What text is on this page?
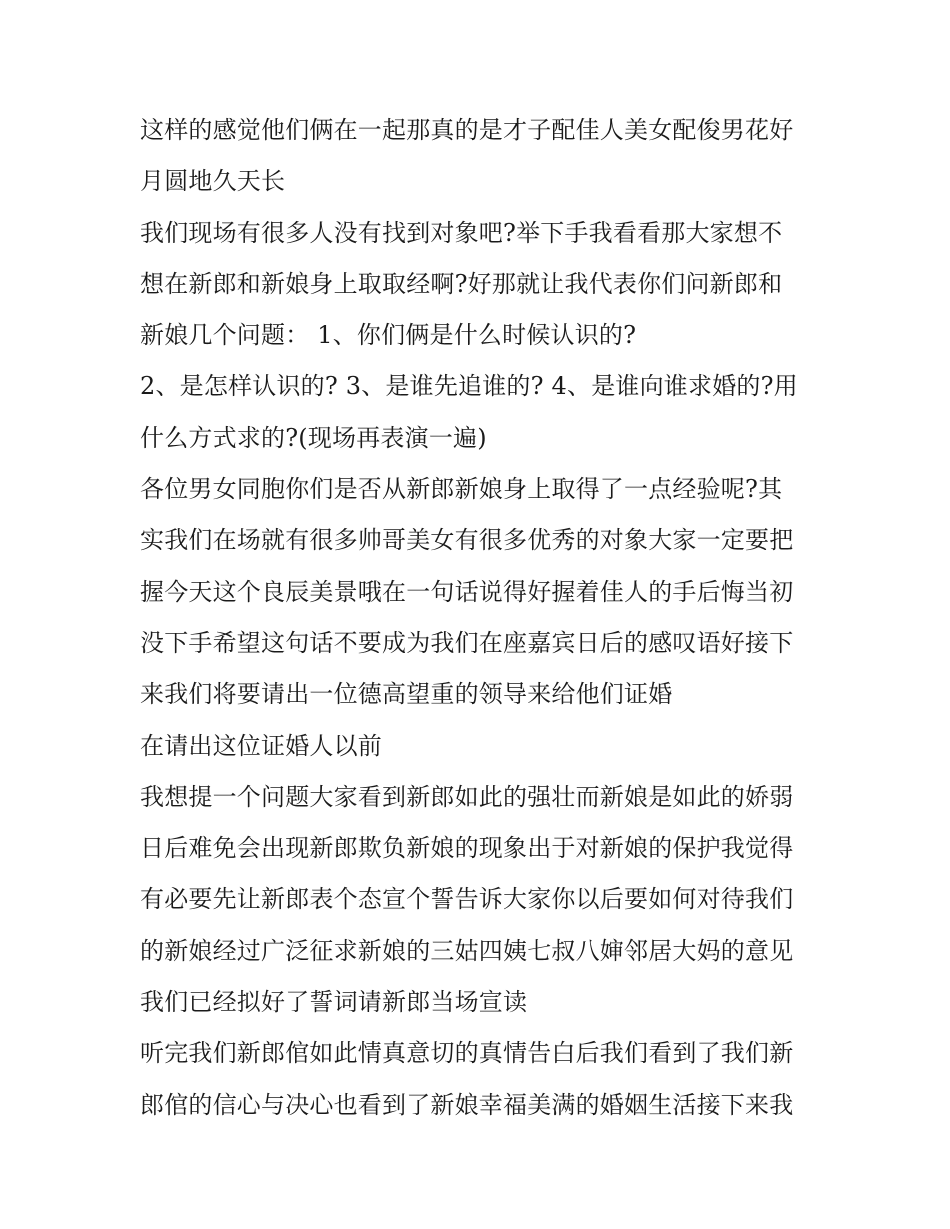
这样的感觉他们俩在一起那真的是才子配佳人美女配俊男花好
月圆地久天长
我们现场有很多人没有找到对象吧?举下手我看看那大家想不
想在新郎和新娘身上取取经啊?好那就让我代表你们问新郎和
新娘几个问题： 1、你们俩是什么时候认识的?
2、是怎样认识的? 3、是谁先追谁的? 4、是谁向谁求婚的?用
什么方式求的?(现场再表演一遍)
各位男女同胞你们是否从新郎新娘身上取得了一点经验呢?其
实我们在场就有很多帅哥美女有很多优秀的对象大家一定要把
握今天这个良辰美景哦在一句话说得好握着佳人的手后悔当初
没下手希望这句话不要成为我们在座嘉宾日后的感叹语好接下
来我们将要请出一位德高望重的领导来给他们证婚
在请出这位证婚人以前
我想提一个问题大家看到新郎如此的强壮而新娘是如此的娇弱
日后难免会出现新郎欺负新娘的现象出于对新娘的保护我觉得
有必要先让新郎表个态宣个誓告诉大家你以后要如何对待我们
的新娘经过广泛征求新娘的三姑四姨七叔八婶邻居大妈的意见
我们已经拟好了誓词请新郎当场宣读
听完我们新郎倌如此情真意切的真情告白后我们看到了我们新
郎倌的信心与决心也看到了新娘幸福美满的婚姻生活接下来我
